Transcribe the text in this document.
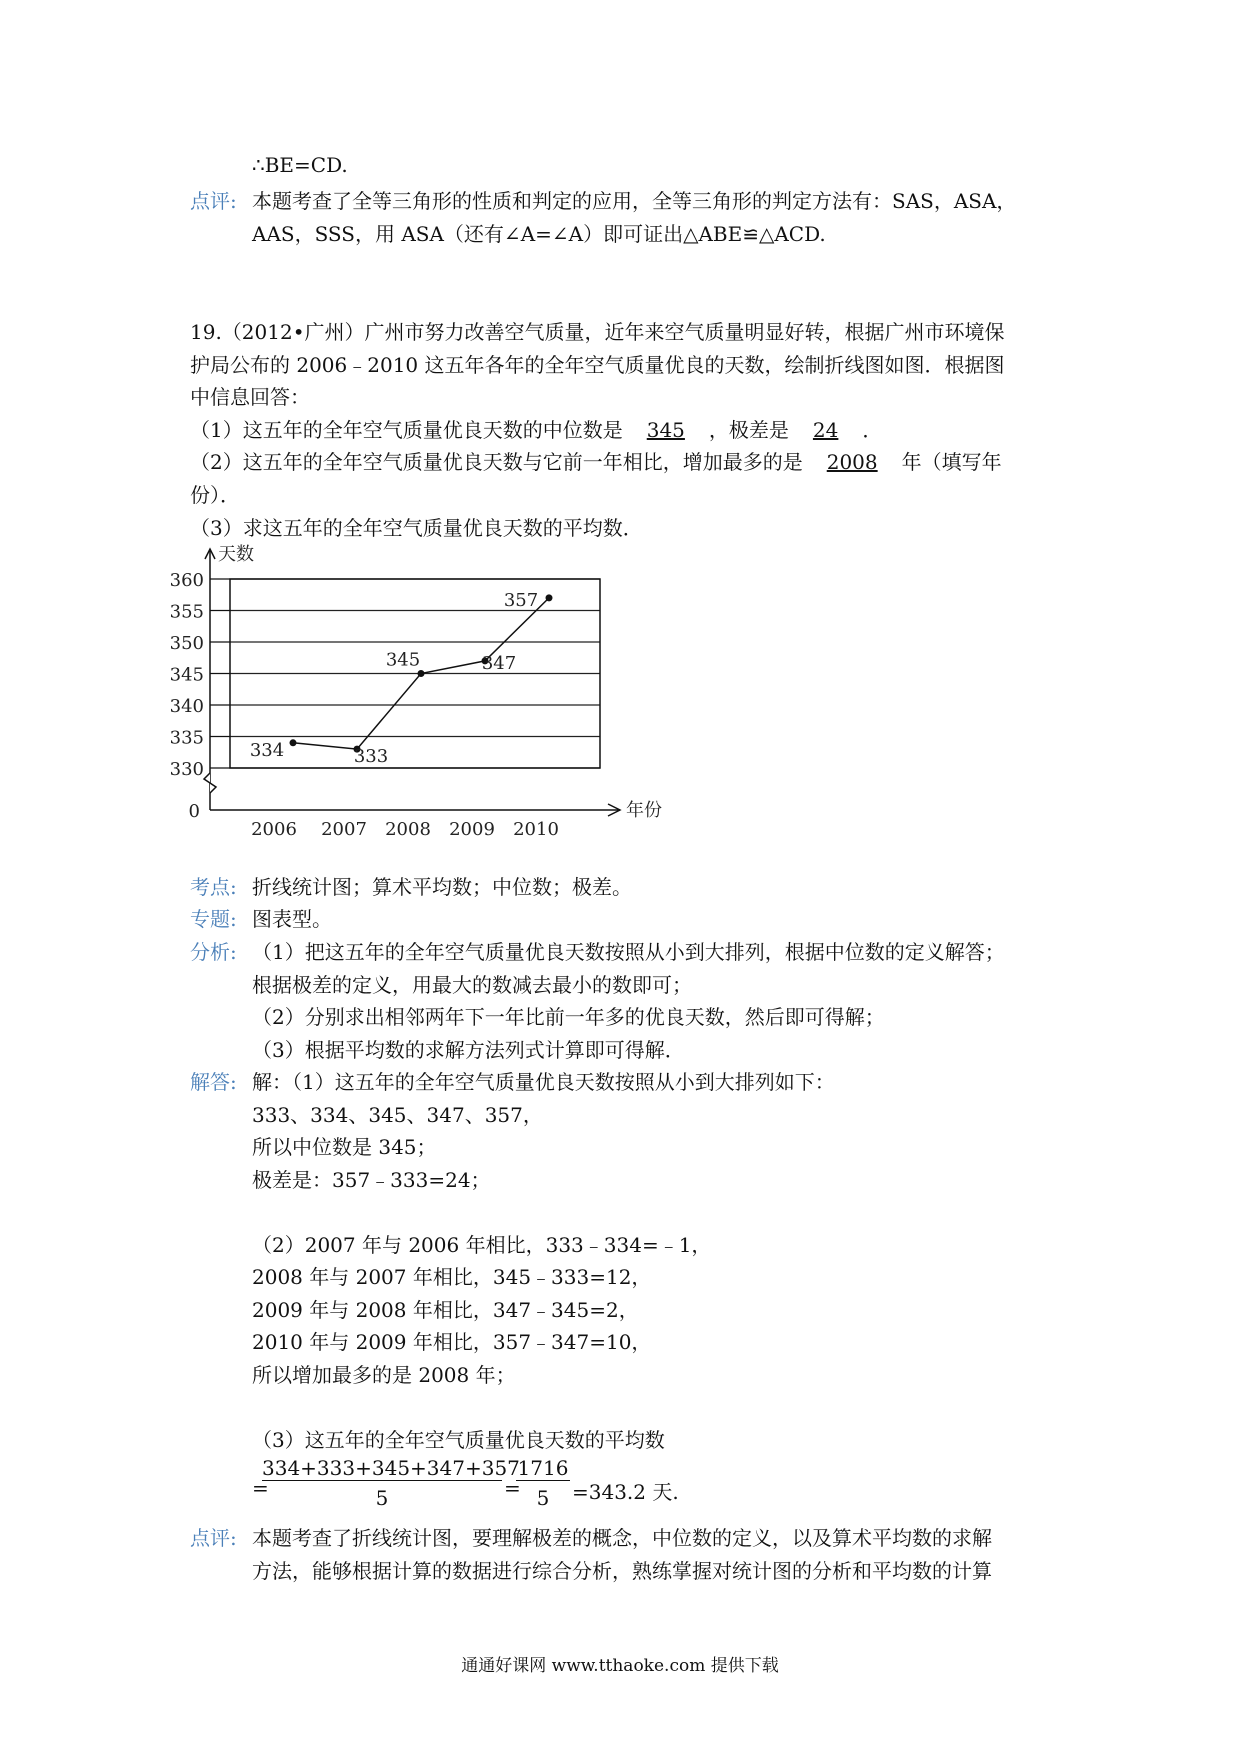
∴BE=CD.
点评: 本题考查了全等三角形的性质和判定的应用，全等三角形的判定方法有：SAS，ASA，
AAS，SSS，用 ASA（还有∠A=∠A）即可证出△ABE≌△ACD.
19.（2012•广州）广州市努力改善空气质量，近年来空气质量明显好转，根据广州市环境保
护局公布的 2006﹣2010 这五年各年的全年空气质量优良的天数，绘制折线图如图．根据图
中信息回答：
（1）这五年的全年空气质量优良天数的中位数是 345 ，极差是 24 ．
（2）这五年的全年空气质量优良天数与它前一年相比，增加最多的是 2008 年（填写年
份）．
（3）求这五年的全年空气质量优良天数的平均数．
330
335
340
345
350
355
360
天数
年份
0
2006 2007 2008 2009 2010
334	333
345	347
357
考点: 折线统计图；算术平均数；中位数；极差。
专题: 图表型。
分析: （1）把这五年的全年空气质量优良天数按照从小到大排列，根据中位数的定义解答；
根据极差的定义，用最大的数减去最小的数即可；
（2）分别求出相邻两年下一年比前一年多的优良天数，然后即可得解；
（3）根据平均数的求解方法列式计算即可得解．
解答: 解：（1）这五年的全年空气质量优良天数按照从小到大排列如下：
333、334、345、347、357，
所以中位数是 345；
极差是：357﹣333=24；
（2）2007 年与 2006 年相比，333﹣334=﹣1，
2008 年与 2007 年相比，345﹣333=12，
2009 年与 2008 年相比，347﹣345=2，
2010 年与 2009 年相比，357﹣347=10，
所以增加最多的是 2008 年；
（3）这五年的全年空气质量优良天数的平均数
=
334+333+345+347+357
5	=
1716
5	=343.2 天.
点评: 本题考查了折线统计图，要理解极差的概念，中位数的定义，以及算术平均数的求解
方法，能够根据计算的数据进行综合分析，熟练掌握对统计图的分析和平均数的计算
通通好课网 www.tthaoke.com 提供下载
